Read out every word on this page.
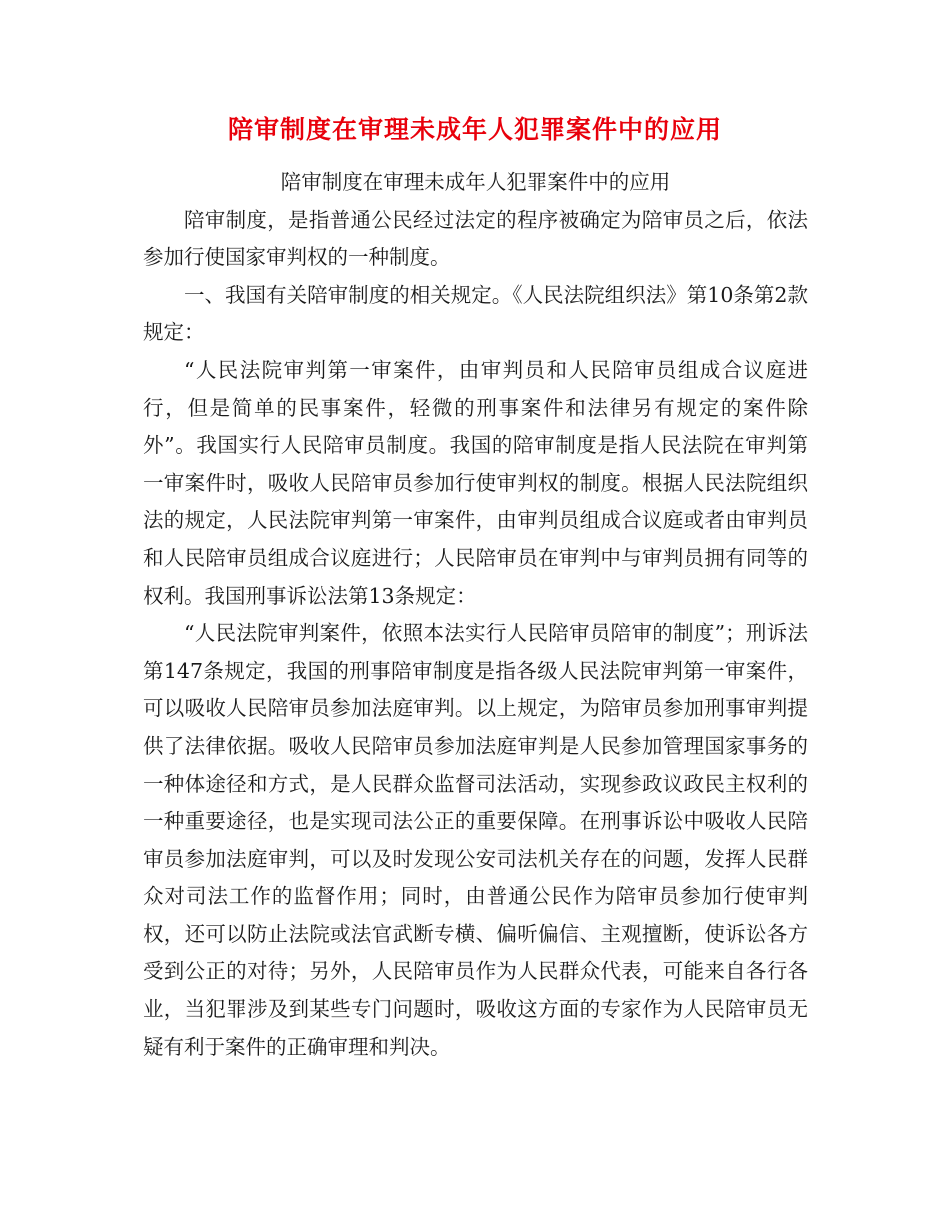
陪审制度在审理未成年人犯罪案件中的应用

陪审制度在审理未成年人犯罪案件中的应用

陪审制度，是指普通公民经过法定的程序被确定为陪审员之后，依法参加行使国家审判权的一种制度。

一、我国有关陪审制度的相关规定。《人民法院组织法》第10条第2款规定：

“人民法院审判第一审案件，由审判员和人民陪审员组成合议庭进行，但是简单的民事案件，轻微的刑事案件和法律另有规定的案件除外”。我国实行人民陪审员制度。我国的陪审制度是指人民法院在审判第一审案件时，吸收人民陪审员参加行使审判权的制度。根据人民法院组织法的规定，人民法院审判第一审案件，由审判员组成合议庭或者由审判员和人民陪审员组成合议庭进行；人民陪审员在审判中与审判员拥有同等的权利。我国刑事诉讼法第13条规定：

“人民法院审判案件，依照本法实行人民陪审员陪审的制度”；刑诉法第147条规定，我国的刑事陪审制度是指各级人民法院审判第一审案件，可以吸收人民陪审员参加法庭审判。以上规定，为陪审员参加刑事审判提供了法律依据。吸收人民陪审员参加法庭审判是人民参加管理国家事务的一种体途径和方式，是人民群众监督司法活动，实现参政议政民主权利的一种重要途径，也是实现司法公正的重要保障。在刑事诉讼中吸收人民陪审员参加法庭审判，可以及时发现公安司法机关存在的问题，发挥人民群众对司法工作的监督作用；同时，由普通公民作为陪审员参加行使审判权，还可以防止法院或法官武断专横、偏听偏信、主观擅断，使诉讼各方受到公正的对待；另外，人民陪审员作为人民群众代表，可能来自各行各业，当犯罪涉及到某些专门问题时，吸收这方面的专家作为人民陪审员无疑有利于案件的正确审理和判决。
